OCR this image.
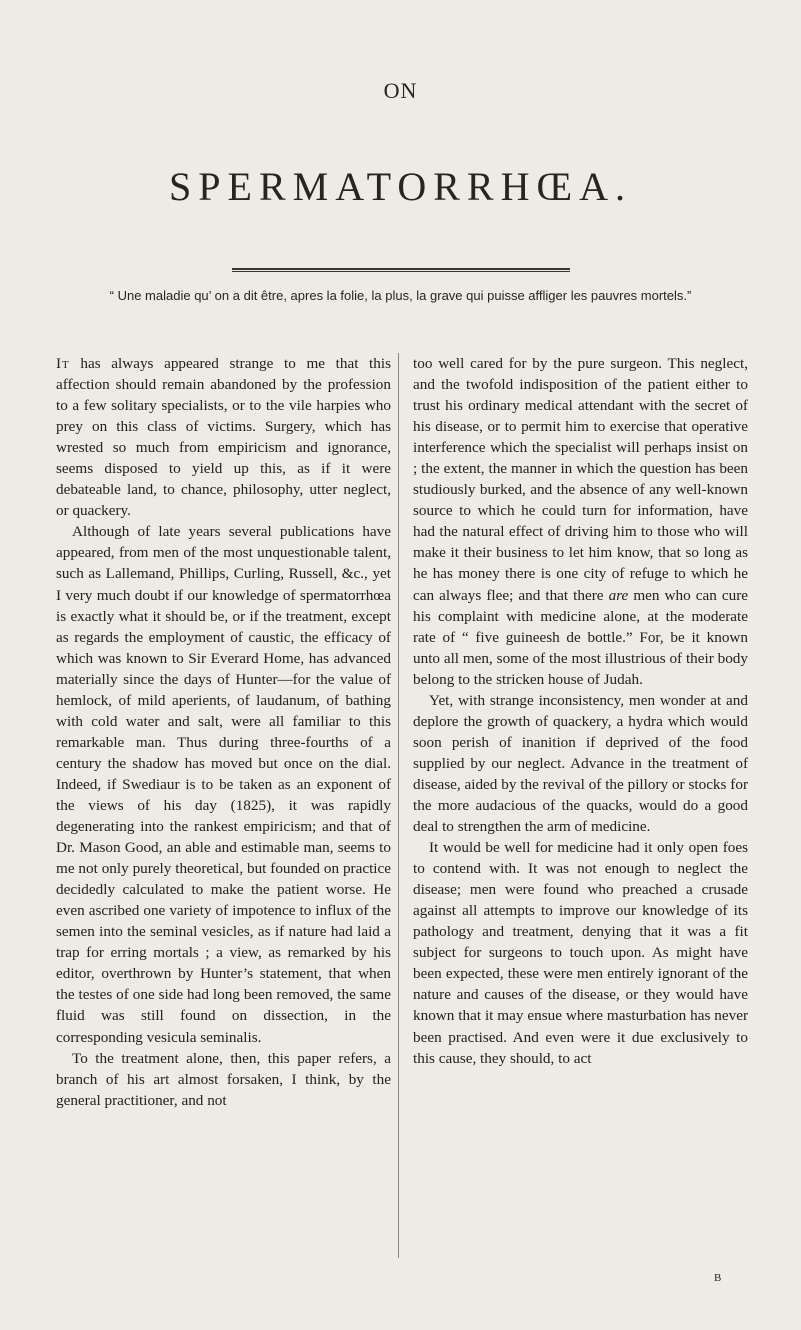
ON
SPERMATORRHŒA.
“ Une maladie qu’ on a dit être, apres la folie, la plus, la grave qui puisse affliger les pauvres mortels.”

It has always appeared strange to me that this affection should remain abandoned by the profession to a few solitary specialists, or to the vile harpies who prey on this class of victims. Surgery, which has wrested so much from empiricism and ignorance, seems disposed to yield up this, as if it were debateable land, to chance, philosophy, utter neglect, or quackery.

Although of late years several publications have appeared, from men of the most unquestionable talent, such as Lallemand, Phillips, Curling, Russell, &c., yet I very much doubt if our knowledge of spermatorrhœa is exactly what it should be, or if the treatment, except as regards the employment of caustic, the efficacy of which was known to Sir Everard Home, has advanced materially since the days of Hunter—for the value of hemlock, of mild aperients, of laudanum, of bathing with cold water and salt, were all familiar to this remarkable man. Thus during three-fourths of a century the shadow has moved but once on the dial. Indeed, if Swediaur is to be taken as an exponent of the views of his day (1825), it was rapidly degenerating into the rankest empiricism; and that of Dr. Mason Good, an able and estimable man, seems to me not only purely theoretical, but founded on practice decidedly calculated to make the patient worse. He even ascribed one variety of impotence to influx of the semen into the seminal vesicles, as if nature had laid a trap for erring mortals ; a view, as remarked by his editor, overthrown by Hunter’s statement, that when the testes of one side had long been removed, the same fluid was still found on dissection, in the corresponding vesicula seminalis.

To the treatment alone, then, this paper refers, a branch of his art almost forsaken, I think, by the general practitioner, and not

too well cared for by the pure surgeon. This neglect, and the twofold indisposition of the patient either to trust his ordinary medical attendant with the secret of his disease, or to permit him to exercise that operative interference which the specialist will perhaps insist on ; the extent, the manner in which the question has been studiously burked, and the absence of any well-known source to which he could turn for information, have had the natural effect of driving him to those who will make it their business to let him know, that so long as he has money there is one city of refuge to which he can always flee; and that there are men who can cure his complaint with medicine alone, at the moderate rate of “ five guineesh de bottle.” For, be it known unto all men, some of the most illustrious of their body belong to the stricken house of Judah.

Yet, with strange inconsistency, men wonder at and deplore the growth of quackery, a hydra which would soon perish of inanition if deprived of the food supplied by our neglect. Advance in the treatment of disease, aided by the revival of the pillory or stocks for the more audacious of the quacks, would do a good deal to strengthen the arm of medicine.

It would be well for medicine had it only open foes to contend with. It was not enough to neglect the disease; men were found who preached a crusade against all attempts to improve our knowledge of its pathology and treatment, denying that it was a fit subject for surgeons to touch upon. As might have been expected, these were men entirely ignorant of the nature and causes of the disease, or they would have known that it may ensue where masturbation has never been practised. And even were it due exclusively to this cause, they should, to act

B
